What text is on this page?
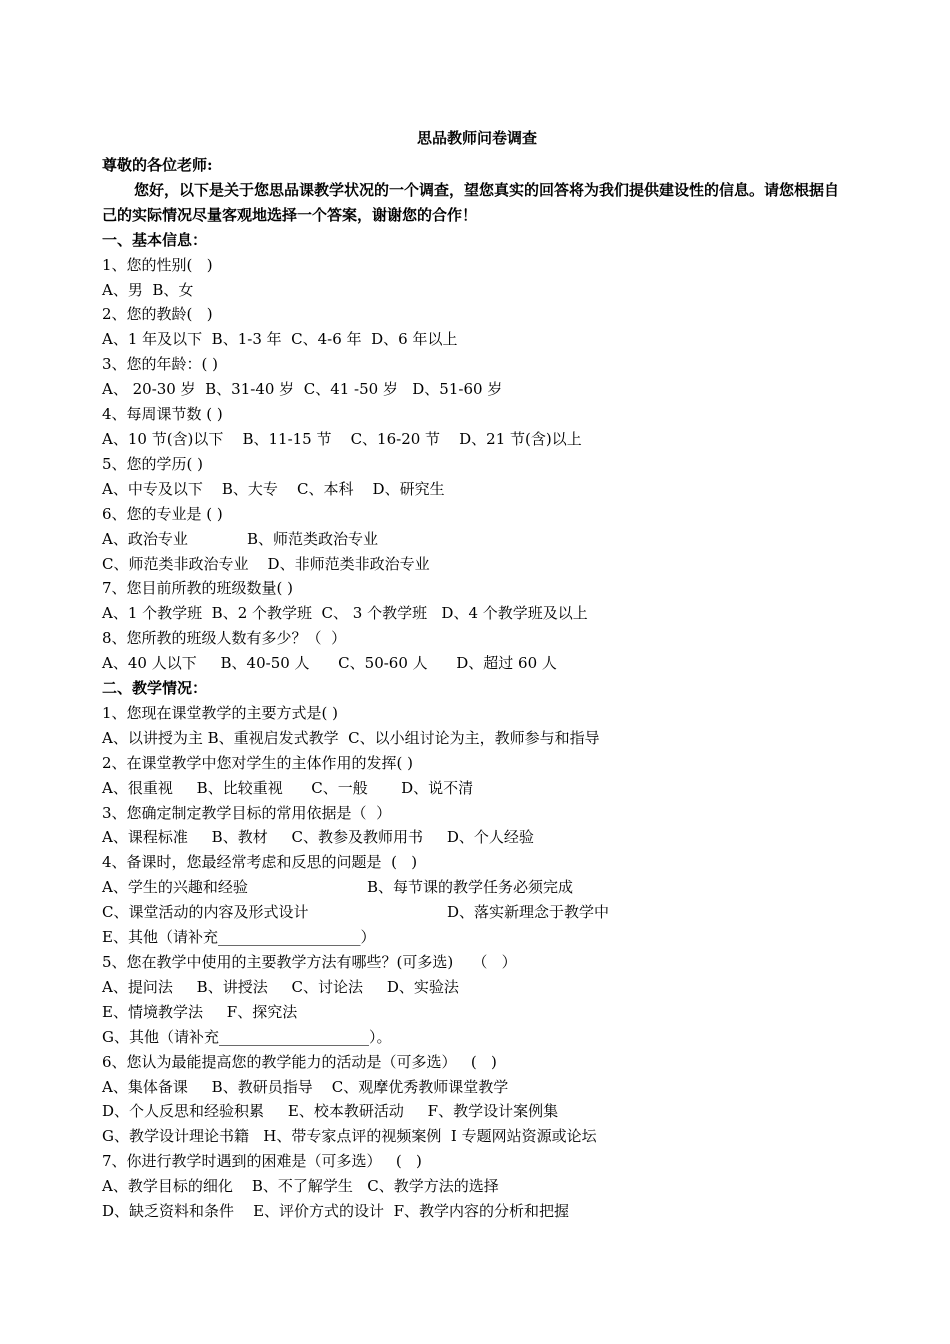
思品教师问卷调查
尊敬的各位老师:
您好，以下是关于您思品课教学状况的一个调查，望您真实的回答将为我们提供建设性的信息。请您根据自己的实际情况尽量客观地选择一个答案，谢谢您的合作！
一、基本信息：
1、您的性别(   )
A、男  B、女
2、您的教龄(   )
A、1 年及以下  B、1-3 年  C、4-6 年  D、6 年以上
3、您的年龄：( )
A、 20-30 岁  B、31-40 岁  C、41 -50 岁   D、51-60 岁
4、每周课节数 ( )
A、10 节(含)以下    B、11-15 节    C、16-20 节    D、21 节(含)以上
5、您的学历( )
A、中专及以下    B、大专    C、本科    D、研究生
6、您的专业是 ( )
A、政治专业	B、师范类政治专业
C、师范类非政治专业    D、非师范类非政治专业
7、您目前所教的班级数量( )
A、1 个教学班  B、2 个教学班  C、 3 个教学班   D、4 个教学班及以上
8、您所教的班级人数有多少？（  ）
A、40 人以下     B、40-50 人      C、50-60 人      D、超过 60 人
二、教学情况：
1、您现在课堂教学的主要方式是( )
A、以讲授为主 B、重视启发式教学  C、以小组讨论为主，教师参与和指导
2、在课堂教学中您对学生的主体作用的发挥( )
A、很重视     B、比较重视      C、一般       D、说不清
3、您确定制定教学目标的常用依据是（  ）
A、课程标准     B、教材     C、教参及教师用书     D、个人经验
4、备课时，您最经常考虑和反思的问题是  (   )
A、学生的兴趣和经验	B、每节课的教学任务必须完成
C、课堂活动的内容及形式设计	D、落实新理念于教学中
E、其他（请补充___________________）
5、您在教学中使用的主要教学方法有哪些？(可多选)    （   ）
A、提问法     B、讲授法     C、讨论法     D、实验法
E、情境教学法     F、探究法
G、其他（请补充____________________）。
6、您认为最能提高您的教学能力的活动是（可多选）   (   )
A、集体备课     B、教研员指导    C、观摩优秀教师课堂教学
D、个人反思和经验积累     E、校本教研活动     F、教学设计案例集
G、教学设计理论书籍   H、带专家点评的视频案例  I 专题网站资源或论坛
7、你进行教学时遇到的困难是（可多选）   (   )
A、教学目标的细化    B、不了解学生   C、教学方法的选择
D、缺乏资料和条件    E、评价方式的设计  F、教学内容的分析和把握
